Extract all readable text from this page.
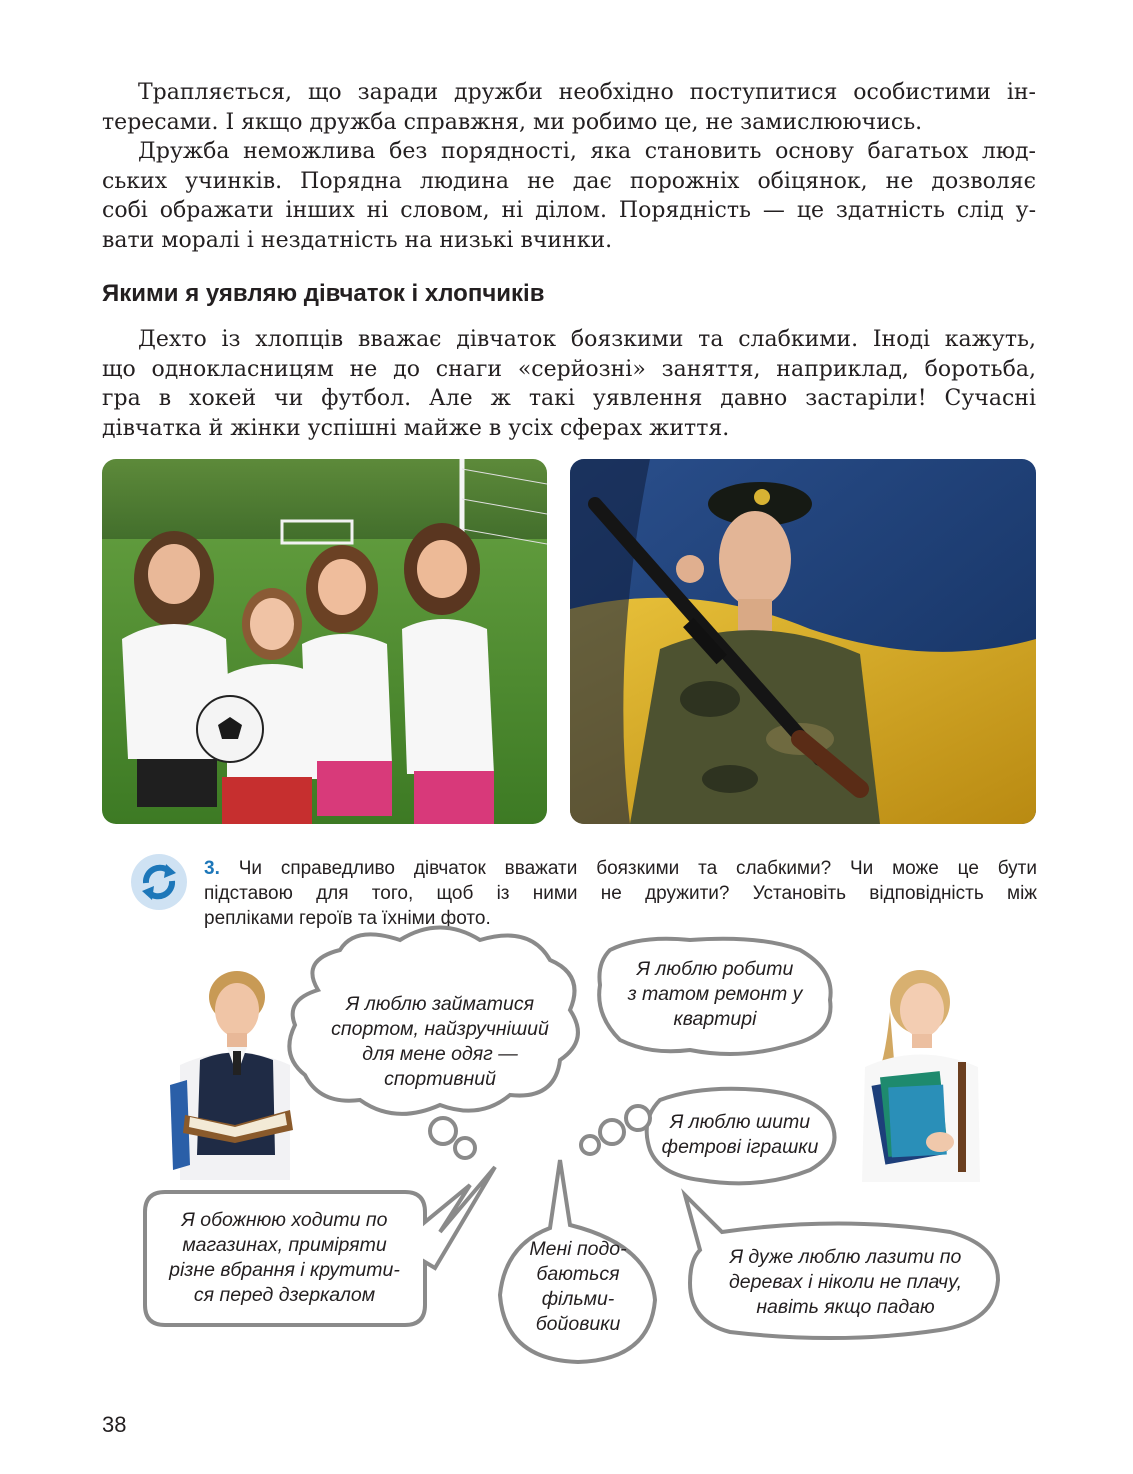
Трапляється, що заради дружби необхідно поступитися особистими ін-
тересами. І якщо дружба справжня, ми робимо це, не замислюючись.
Дружба неможлива без порядності, яка становить основу багатьох люд-
ських учинків. Порядна людина не дає порожніх обіцянок, не дозволяє
собі ображати інших ні словом, ні ділом. Порядність — це здатність слід у-
вати моралі і нездатність на низькі вчинки.
Якими я уявляю дівчаток і хлопчиків
Дехто із хлопців вважає дівчаток боязкими та слабкими. Іноді кажуть,
що однокласницям не до снаги «серйозні» заняття, наприклад, боротьба,
гра в хокей чи футбол. Але ж такі уявлення давно застаріли! Сучасні
дівчатка й жінки успішні майже в усіх сферах життя.
3. Чи справедливо дівчаток вважати боязкими та слабкими? Чи може це бути
підставою для того, щоб із ними не дружити? Установіть відповідність між
репліками героїв та їхніми фото.
Я люблю займатися
спортом, найзручніший
для мене одяг —
спортивний
Я люблю робити
з татом ремонт у
квартирі
Я люблю шити
фетрові іграшки
Я обожнюю ходити по
магазинах, приміряти
різне вбрання і крутити-
ся перед дзеркалом
Мені подо-
баються
фільми-
бойовики
Я дуже люблю лазити по
деревах і ніколи не плачу,
навіть якщо падаю
38
